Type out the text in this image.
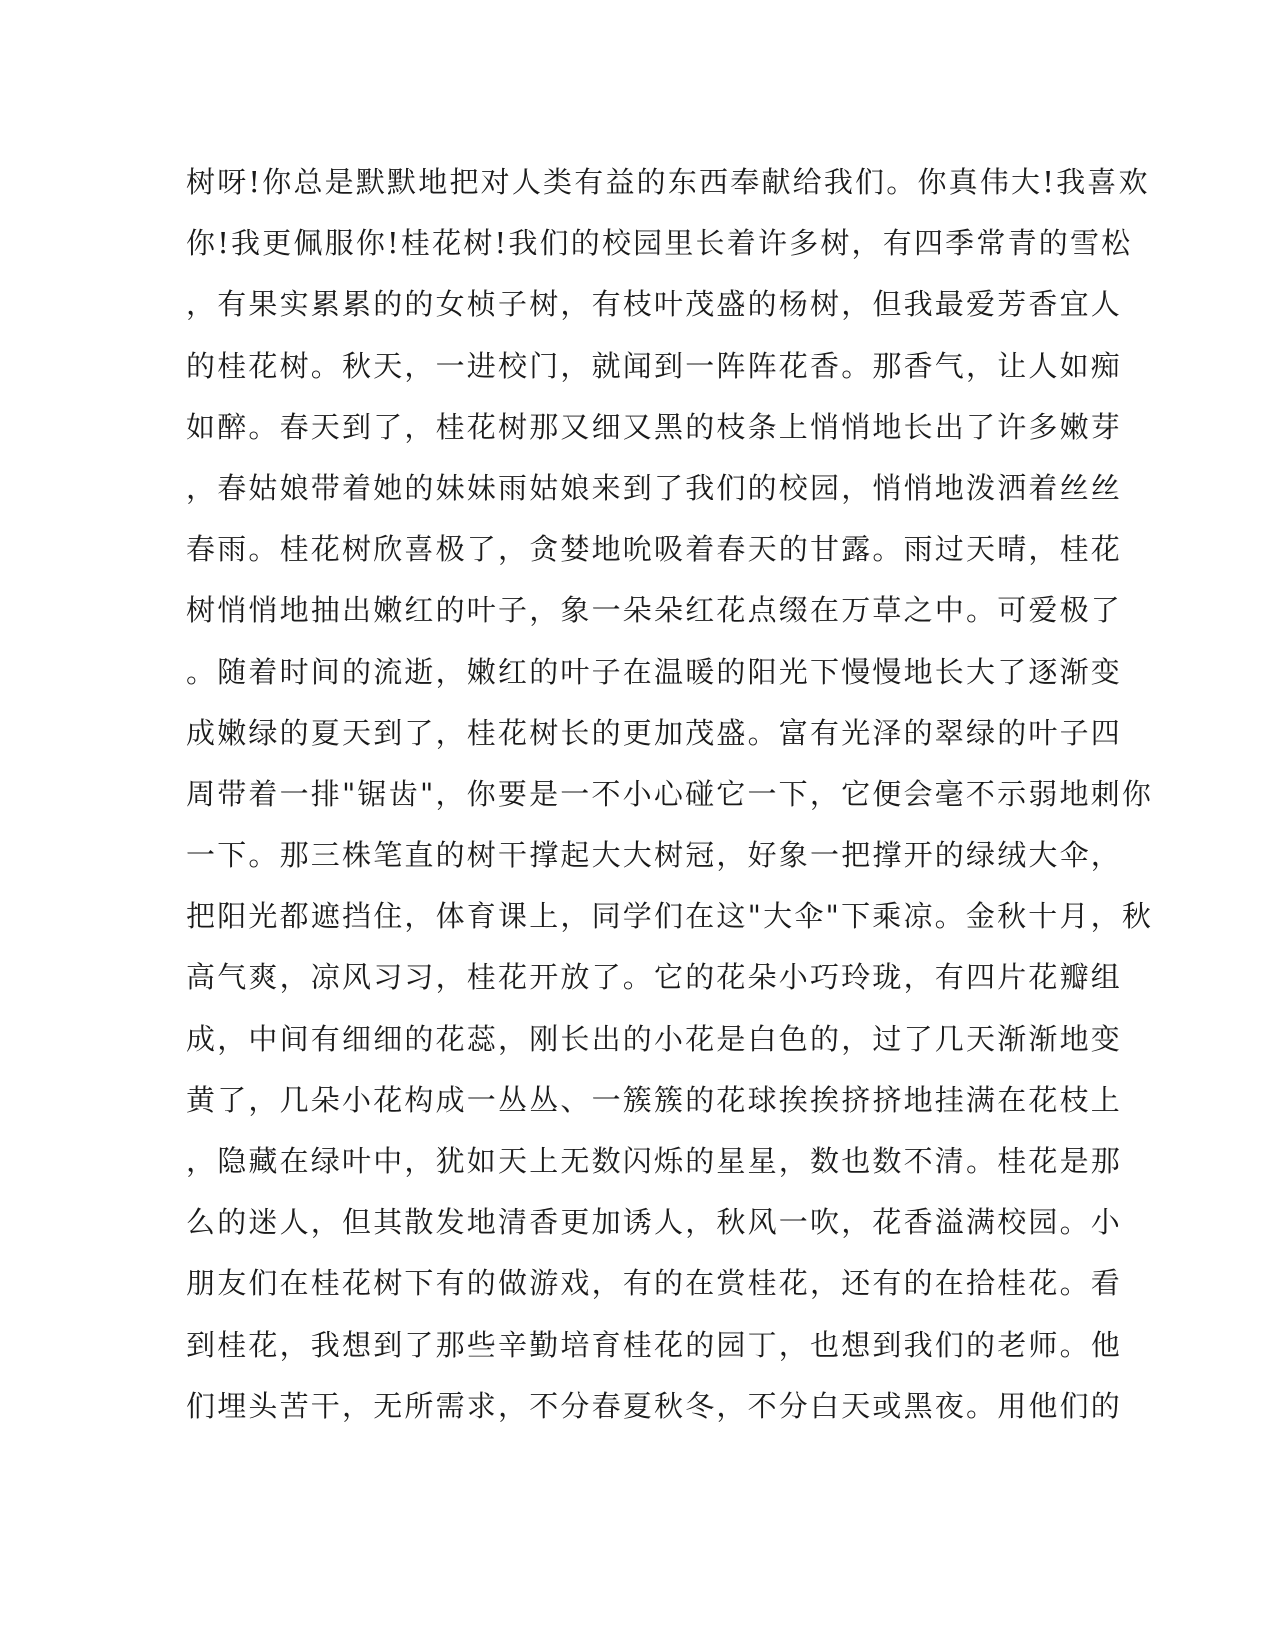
树呀!你总是默默地把对人类有益的东西奉献给我们。你真伟大!我喜欢
你!我更佩服你!桂花树!我们的校园里长着许多树，有四季常青的雪松
，有果实累累的的女桢子树，有枝叶茂盛的杨树，但我最爱芳香宜人
的桂花树。秋天，一进校门，就闻到一阵阵花香。那香气，让人如痴
如醉。春天到了，桂花树那又细又黑的枝条上悄悄地长出了许多嫩芽
，春姑娘带着她的妹妹雨姑娘来到了我们的校园，悄悄地泼洒着丝丝
春雨。桂花树欣喜极了，贪婪地吮吸着春天的甘露。雨过天晴，桂花
树悄悄地抽出嫩红的叶子，象一朵朵红花点缀在万草之中。可爱极了
。随着时间的流逝，嫩红的叶子在温暖的阳光下慢慢地长大了逐渐变
成嫩绿的夏天到了，桂花树长的更加茂盛。富有光泽的翠绿的叶子四
周带着一排"锯齿"，你要是一不小心碰它一下，它便会毫不示弱地刺你
一下。那三株笔直的树干撑起大大树冠，好象一把撑开的绿绒大伞，
把阳光都遮挡住，体育课上，同学们在这"大伞"下乘凉。金秋十月，秋
高气爽，凉风习习，桂花开放了。它的花朵小巧玲珑，有四片花瓣组
成，中间有细细的花蕊，刚长出的小花是白色的，过了几天渐渐地变
黄了，几朵小花构成一丛丛、一簇簇的花球挨挨挤挤地挂满在花枝上
，隐藏在绿叶中，犹如天上无数闪烁的星星，数也数不清。桂花是那
么的迷人，但其散发地清香更加诱人，秋风一吹，花香溢满校园。小
朋友们在桂花树下有的做游戏，有的在赏桂花，还有的在拾桂花。看
到桂花，我想到了那些辛勤培育桂花的园丁，也想到我们的老师。他
们埋头苦干，无所需求，不分春夏秋冬，不分白天或黑夜。用他们的
